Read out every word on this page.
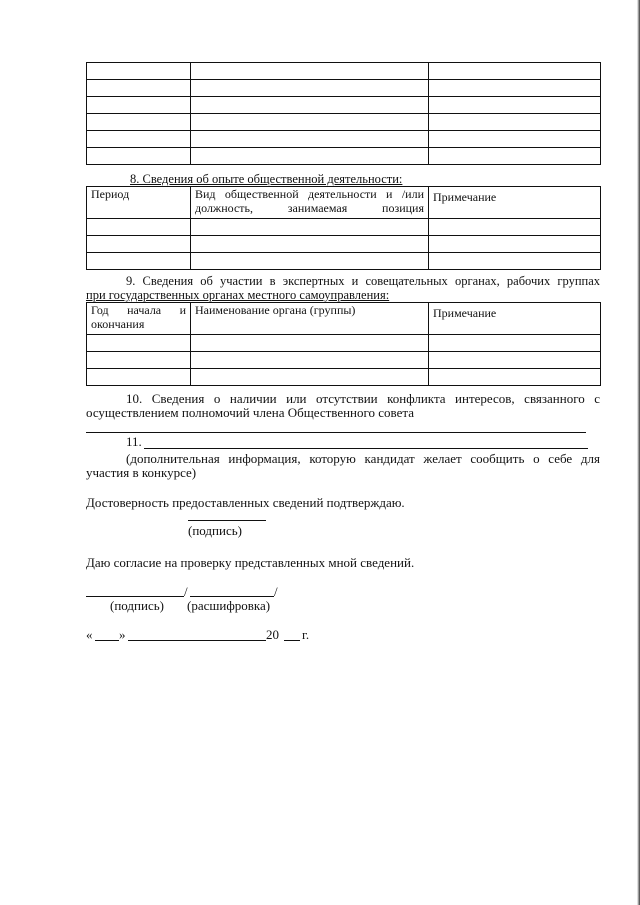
8. Сведения об опыте общественной деятельности:
Период	Вид общественной деятельности и /или должность, занимаемая позиция	Примечание

9. Сведения об участии в экспертных и совещательных органах, рабочих группах
при государственных органах местного самоуправления:
Год начала и
окончания	Наименование органа (группы)	Примечание

10. Сведения о наличии или отсутствии конфликта интересов, связанного с
осуществлением полномочий члена Общественного совета
11.
(дополнительная информация, которую кандидат желает сообщить о себе для
участия в конкурсе)
Достоверность предоставленных сведений подтверждаю.
(подпись)
Даю согласие на проверку представленных мной сведений.
/	/
(подпись) (расшифровка)
« »	20 г.
